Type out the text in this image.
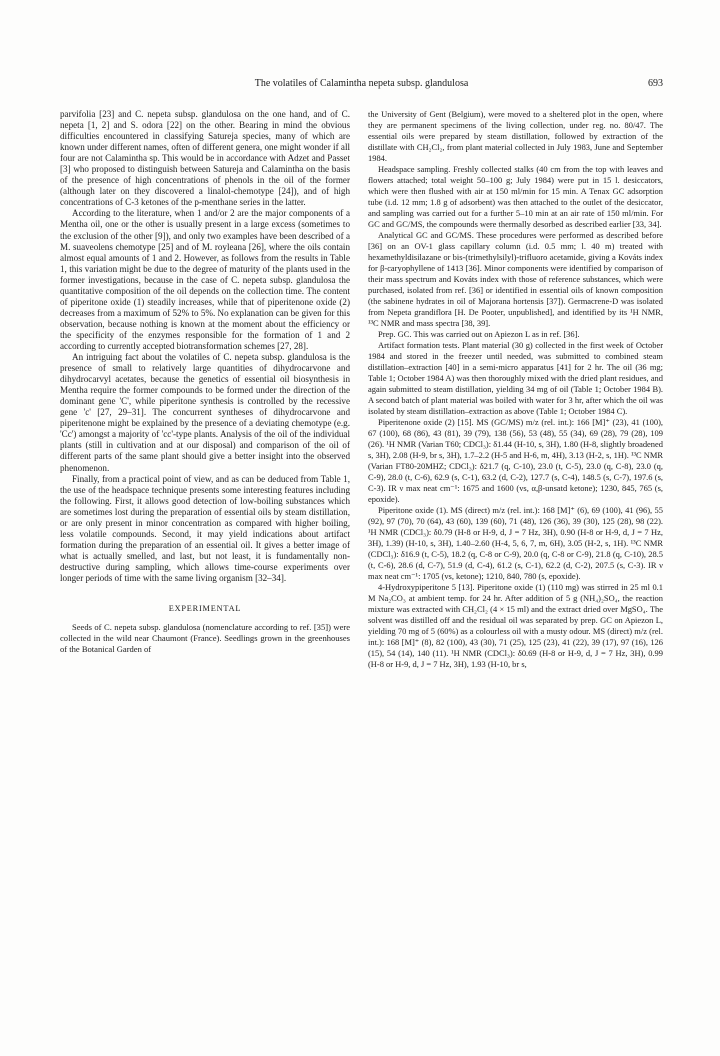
The volatiles of Calamintha nepeta subsp. glandulosa	693

parvifolia [23] and C. nepeta subsp. glandulosa on the one hand, and of C. nepeta [1, 2] and S. odora [22] on the other. Bearing in mind the obvious difficulties encountered in classifying Satureja species, many of which are known under different names, often of different genera, one might wonder if all four are not Calamintha sp. This would be in accordance with Adzet and Passet [3] who proposed to distinguish between Satureja and Calamintha on the basis of the presence of high concentrations of phenols in the oil of the former (although later on they discovered a linalol-chemotype [24]), and of high concentrations of C-3 ketones of the p-menthane series in the latter.

According to the literature, when 1 and/or 2 are the major components of a Mentha oil, one or the other is usually present in a large excess (sometimes to the exclusion of the other [9]), and only two examples have been described of a M. suaveolens chemotype [25] and of M. royleana [26], where the oils contain almost equal amounts of 1 and 2. However, as follows from the results in Table 1, this variation might be due to the degree of maturity of the plants used in the former investigations, because in the case of C. nepeta subsp. glandulosa the quantitative composition of the oil depends on the collection time. The content of piperitone oxide (1) steadily increases, while that of piperitenone oxide (2) decreases from a maximum of 52% to 5%. No explanation can be given for this observation, because nothing is known at the moment about the efficiency or the specificity of the enzymes responsible for the formation of 1 and 2 according to currently accepted biotransformation schemes [27, 28].

An intriguing fact about the volatiles of C. nepeta subsp. glandulosa is the presence of small to relatively large quantities of dihydrocarvone and dihydrocarvyl acetates, because the genetics of essential oil biosynthesis in Mentha require the former compounds to be formed under the direction of the dominant gene 'C', while piperitone synthesis is controlled by the recessive gene 'c' [27, 29–31]. The concurrent syntheses of dihydrocarvone and piperitenone might be explained by the presence of a deviating chemotype (e.g. 'Cc') amongst a majority of 'cc'-type plants. Analysis of the oil of the individual plants (still in cultivation and at our disposal) and comparison of the oil of different parts of the same plant should give a better insight into the observed phenomenon.

Finally, from a practical point of view, and as can be deduced from Table 1, the use of the headspace technique presents some interesting features including the following. First, it allows good detection of low-boiling substances which are sometimes lost during the preparation of essential oils by steam distillation, or are only present in minor concentration as compared with higher boiling, less volatile compounds. Second, it may yield indications about artifact formation during the preparation of an essential oil. It gives a better image of what is actually smelled, and last, but not least, it is fundamentally non-destructive during sampling, which allows time-course experiments over longer periods of time with the same living organism [32–34].

EXPERIMENTAL

Seeds of C. nepeta subsp. glandulosa (nomenclature according to ref. [35]) were collected in the wild near Chaumont (France). Seedlings grown in the greenhouses of the Botanical Garden of

the University of Gent (Belgium), were moved to a sheltered plot in the open, where they are permanent specimens of the living collection, under reg. no. 80/47. The essential oils were prepared by steam distillation, followed by extraction of the distillate with CH₂Cl₂, from plant material collected in July 1983, June and September 1984.

Headspace sampling. Freshly collected stalks (40 cm from the top with leaves and flowers attached; total weight 50–100 g; July 1984) were put in 15 l. desiccators, which were then flushed with air at 150 ml/min for 15 min. A Tenax GC adsorption tube (i.d. 12 mm; 1.8 g of adsorbent) was then attached to the outlet of the desiccator, and sampling was carried out for a further 5–10 min at an air rate of 150 ml/min. For GC and GC/MS, the compounds were thermally desorbed as described earlier [33, 34].

Analytical GC and GC/MS. These procedures were performed as described before [36] on an OV-1 glass capillary column (i.d. 0.5 mm; l. 40 m) treated with hexamethyldisilazane or bis-(trimethylsilyl)-trifluoro acetamide, giving a Kováts index for β-caryophyllene of 1413 [36]. Minor components were identified by comparison of their mass spectrum and Kováts index with those of reference substances, which were purchased, isolated from ref. [36] or identified in essential oils of known composition (the sabinene hydrates in oil of Majorana hortensis [37]). Germacrene-D was isolated from Nepeta grandiflora [H. De Pooter, unpublished], and identified by its ¹H NMR, ¹³C NMR and mass spectra [38, 39].

Prep. GC. This was carried out on Apiezon L as in ref. [36].

Artifact formation tests. Plant material (30 g) collected in the first week of October 1984 and stored in the freezer until needed, was submitted to combined steam distillation–extraction [40] in a semi-micro apparatus [41] for 2 hr. The oil (36 mg; Table 1; October 1984 A) was then thoroughly mixed with the dried plant residues, and again submitted to steam distillation, yielding 34 mg of oil (Table 1; October 1984 B). A second batch of plant material was boiled with water for 3 hr, after which the oil was isolated by steam distillation–extraction as above (Table 1; October 1984 C).

Piperitenone oxide (2) [15]. MS (GC/MS) m/z (rel. int.): 166 [M]⁺ (23), 41 (100), 67 (100), 68 (86), 43 (81), 39 (79), 138 (56), 53 (48), 55 (34), 69 (28), 79 (28), 109 (26). ¹H NMR (Varian T60; CDCl₃): δ1.44 (H-10, s, 3H), 1.80 (H-8, slightly broadened s, 3H), 2.08 (H-9, br s, 3H), 1.7–2.2 (H-5 and H-6, m, 4H), 3.13 (H-2, s, 1H). ¹³C NMR (Varian FT80-20MHZ; CDCl₃): δ21.7 (q, C-10), 23.0 (t, C-5), 23.0 (q, C-8), 23.0 (q, C-9), 28.0 (t, C-6), 62.9 (s, C-1), 63.2 (d, C-2), 127.7 (s, C-4), 148.5 (s, C-7), 197.6 (s, C-3). IR ν max neat cm⁻¹: 1675 and 1600 (vs, α,β-unsatd ketone); 1230, 845, 765 (s, epoxide).

Piperitone oxide (1). MS (direct) m/z (rel. int.): 168 [M]⁺ (6), 69 (100), 41 (96), 55 (92), 97 (70), 70 (64), 43 (60), 139 (60), 71 (48), 126 (36), 39 (30), 125 (28), 98 (22). ¹H NMR (CDCl₃): δ0.79 (H-8 or H-9, d, J = 7 Hz, 3H), 0.90 (H-8 or H-9, d, J = 7 Hz, 3H), 1.39) (H-10, s, 3H), 1.40–2.60 (H-4, 5, 6, 7, m, 6H), 3.05 (H-2, s, 1H). ¹³C NMR (CDCl₃): δ16.9 (t, C-5), 18.2 (q, C-8 or C-9), 20.0 (q, C-8 or C-9), 21.8 (q, C-10), 28.5 (t, C-6), 28.6 (d, C-7), 51.9 (d, C-4), 61.2 (s, C-1), 62.2 (d, C-2), 207.5 (s, C-3). IR ν max neat cm⁻¹: 1705 (vs, ketone); 1210, 840, 780 (s, epoxide).

4-Hydroxypiperitone 5 [13]. Piperitone oxide (1) (110 mg) was stirred in 25 ml 0.1 M Na₂CO₃ at ambient temp. for 24 hr. After addition of 5 g (NH₄)₂SO₄, the reaction mixture was extracted with CH₂Cl₂ (4 × 15 ml) and the extract dried over MgSO₄. The solvent was distilled off and the residual oil was separated by prep. GC on Apiezon L, yielding 70 mg of 5 (60%) as a colourless oil with a musty odour. MS (direct) m/z (rel. int.): 168 [M]⁺ (8), 82 (100), 43 (30), 71 (25), 125 (23), 41 (22), 39 (17), 97 (16), 126 (15), 54 (14), 140 (11). ¹H NMR (CDCl₃): δ0.69 (H-8 or H-9, d, J = 7 Hz, 3H), 0.99 (H-8 or H-9, d, J = 7 Hz, 3H), 1.93 (H-10, br s,
